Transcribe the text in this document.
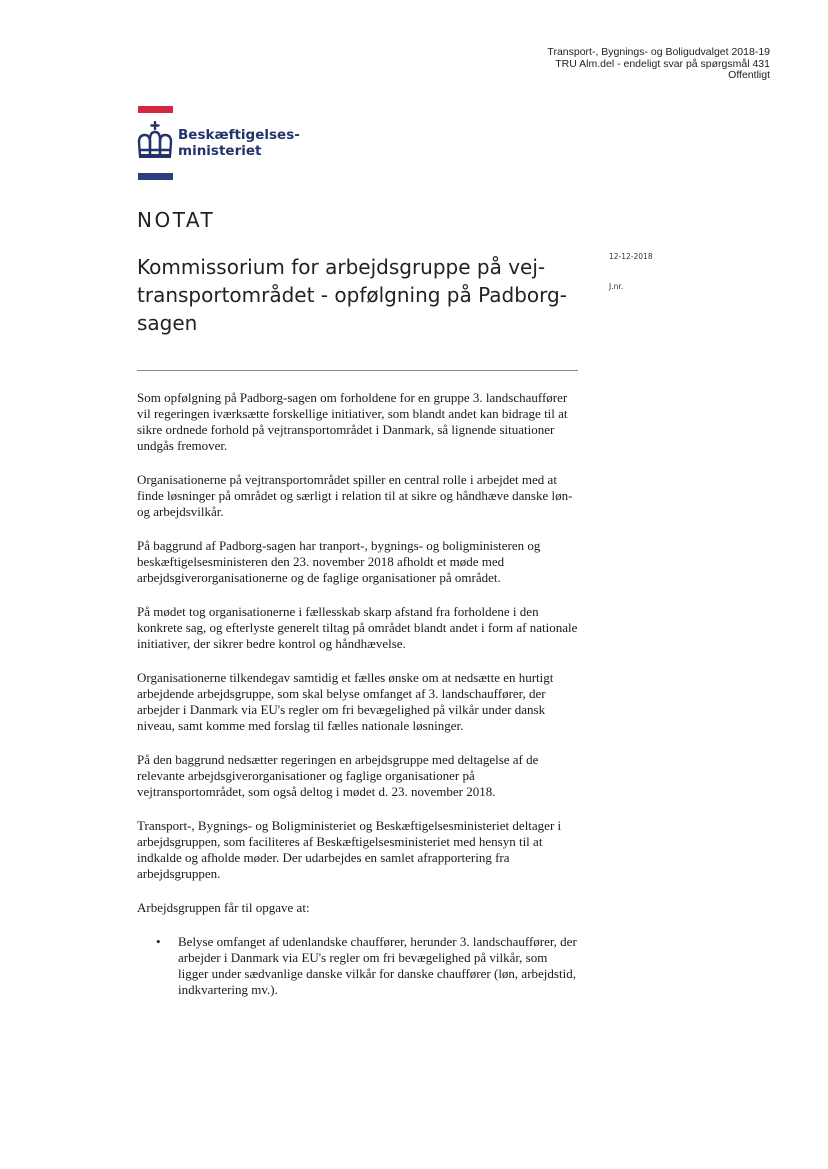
Transport-, Bygnings- og Boligudvalget 2018-19
TRU Alm.del - endeligt svar på spørgsmål 431
Offentligt
Beskæftigelses-
ministeriet
NOTAT
Kommissorium for arbejdsgruppe på vej-transportområdet - opfølgning på Padborg-sagen
12-12-2018
J.nr.

Som opfølgning på Padborg-sagen om forholdene for en gruppe 3. landschauffører vil regeringen iværksætte forskellige initiativer, som blandt andet kan bidrage til at sikre ordnede forhold på vejtransportområdet i Danmark, så lignende situationer undgås fremover.

Organisationerne på vejtransportområdet spiller en central rolle i arbejdet med at finde løsninger på området og særligt i relation til at sikre og håndhæve danske løn- og arbejdsvilkår.

På baggrund af Padborg-sagen har tranport-, bygnings- og boligministeren og beskæftigelsesministeren den 23. november 2018 afholdt et møde med arbejdsgiverorganisationerne og de faglige organisationer på området.

På mødet tog organisationerne i fællesskab skarp afstand fra forholdene i den konkrete sag, og efterlyste generelt tiltag på området blandt andet i form af nationale initiativer, der sikrer bedre kontrol og håndhævelse.

Organisationerne tilkendegav samtidig et fælles ønske om at nedsætte en hurtigt arbejdende arbejdsgruppe, som skal belyse omfanget af 3. landschauffører, der arbejder i Danmark via EU's regler om fri bevægelighed på vilkår under dansk niveau, samt komme med forslag til fælles nationale løsninger.

På den baggrund nedsætter regeringen en arbejdsgruppe med deltagelse af de relevante arbejdsgiverorganisationer og faglige organisationer på vejtransportområdet, som også deltog i mødet d. 23. november 2018.

Transport-, Bygnings- og Boligministeriet og Beskæftigelsesministeriet deltager i arbejdsgruppen, som faciliteres af Beskæftigelsesministeriet med hensyn til at indkalde og afholde møder. Der udarbejdes en samlet afrapportering fra arbejdsgruppen.

Arbejdsgruppen får til opgave at:

• Belyse omfanget af udenlandske chauffører, herunder 3. landschauffører, der arbejder i Danmark via EU's regler om fri bevægelighed på vilkår, som ligger under sædvanlige danske vilkår for danske chauffører (løn, arbejdstid, indkvartering mv.).
